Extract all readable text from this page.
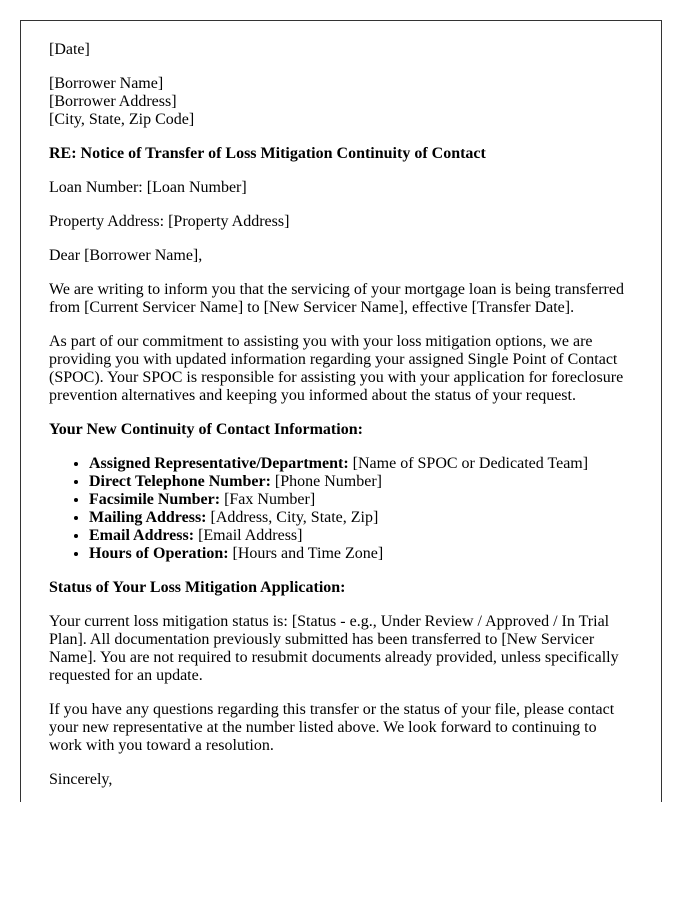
[Date]

[Borrower Name]
[Borrower Address]
[City, State, Zip Code]

RE: Notice of Transfer of Loss Mitigation Continuity of Contact

Loan Number: [Loan Number]

Property Address: [Property Address]

Dear [Borrower Name],

We are writing to inform you that the servicing of your mortgage loan is being transferred from [Current Servicer Name] to [New Servicer Name], effective [Transfer Date].

As part of our commitment to assisting you with your loss mitigation options, we are providing you with updated information regarding your assigned Single Point of Contact (SPOC). Your SPOC is responsible for assisting you with your application for foreclosure prevention alternatives and keeping you informed about the status of your request.

Your New Continuity of Contact Information:

• Assigned Representative/Department: [Name of SPOC or Dedicated Team]
• Direct Telephone Number: [Phone Number]
• Facsimile Number: [Fax Number]
• Mailing Address: [Address, City, State, Zip]
• Email Address: [Email Address]
• Hours of Operation: [Hours and Time Zone]

Status of Your Loss Mitigation Application:

Your current loss mitigation status is: [Status - e.g., Under Review / Approved / In Trial Plan]. All documentation previously submitted has been transferred to [New Servicer Name]. You are not required to resubmit documents already provided, unless specifically requested for an update.

If you have any questions regarding this transfer or the status of your file, please contact your new representative at the number listed above. We look forward to continuing to work with you toward a resolution.

Sincerely,
